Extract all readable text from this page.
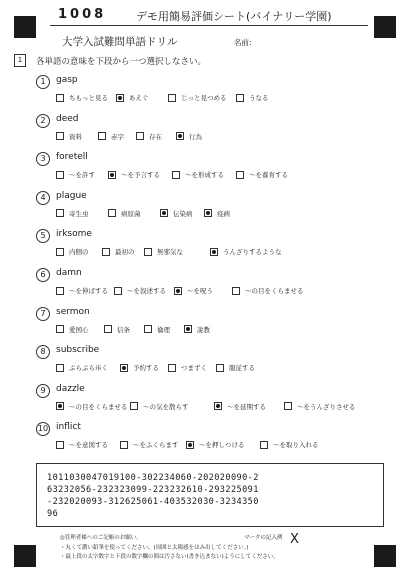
1008	デモ用簡易評価シート(バイナリー学園)
大学入試難問単語ドリル	名前:
1	各単語の意味を下段から一つ選択しなさい。
1	gasp
ちもっと見る	あえぐ	じっと見つめる	うなる
2	deed
資料	赤字	存在	行為
3	foretell
〜を許す	〜を予言する	〜を形成する	〜を養育する
4	plague
寄生虫	病原菌	伝染病	疫病
5	irksome
内側の	最初の	無邪気な	うんざりするような
6	damn
〜を伸ばする	〜を叙述する	〜を呪う	〜の目をくらませる
7	sermon
愛国心	信条	倫理	説教
8	subscribe
ぶらぶら歩く	予約する	つまずく	服従する
9	dazzle
〜の目をくらませる 〜の気を散らす	〜を延期する	〜をうんざりさせる
10 inflict
〜を意図する	〜をふくらます	〜を押しつける	〜を取り入れる
1011030047019100-302234060-202020090-2
63232056-232323099-223232610-293225091
-232020093-312625061-403532030-3234350
96
◎管理者様へのご記帳のお願い。
・丸くて濃い鉛筆を使ってください。(周囲と太陽感をはみ出してください。)
・最上段の太字数字と下段の数字欄の間は汚さない(書き込まない)ようにしてください。
マークの記入例 X
